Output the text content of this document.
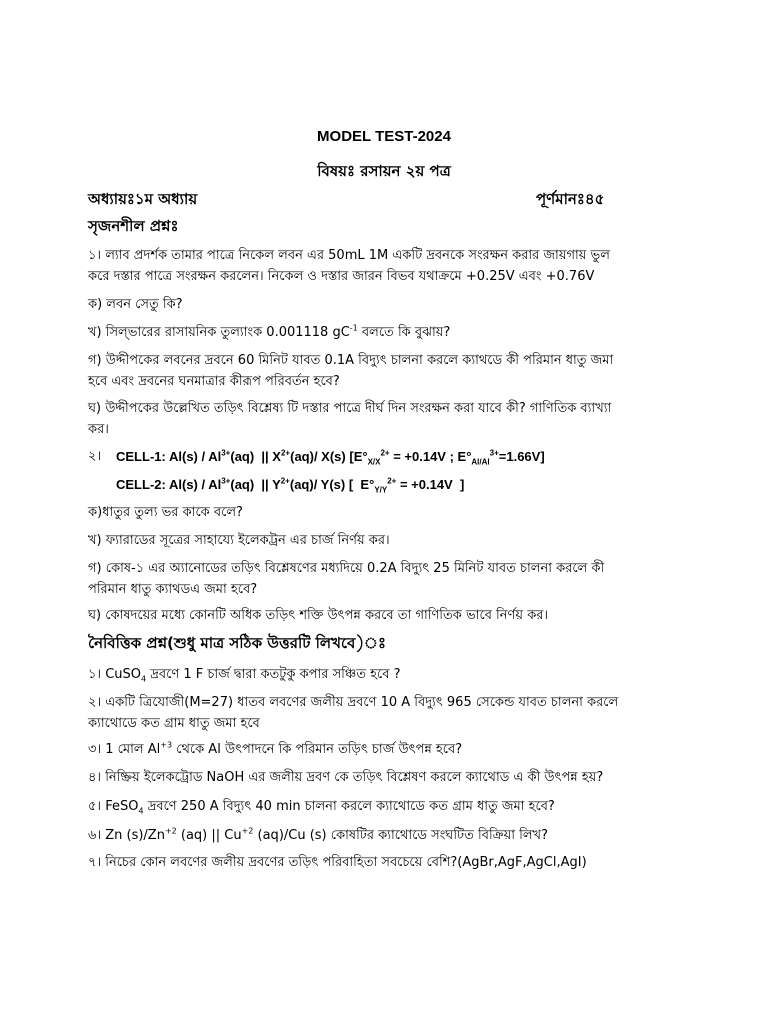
MODEL TEST-2024
বিষয়ঃ রসায়ন ২য় পত্র
অধ্যায়ঃ১ম অধ্যায়	পূর্ণমানঃ৪৫
সৃজনশীল প্রশ্নঃ
১। ল্যাব প্রদর্শক তামার পাত্রে নিকেল লবন এর 50mL 1M একটি দ্রবনকে সংরক্ষন করার জায়গায় ভুল
করে দস্তার পাত্রে সংরক্ষন করলেন। নিকেল ও দস্তার জারন বিভব যথাক্রমে +0.25V এবং +0.76V
ক) লবন সেতু কি?
খ) সিল্ভারের রাসায়নিক তুল্যাংক 0.001118 $gC^{-1}$ বলতে কি বুঝায়?
গ) উদ্দীপকের লবনের দ্রবনে 60 মিনিট যাবত 0.1A বিদ্যুৎ চালনা করলে ক্যাথডে কী পরিমান ধাতু জমা
হবে এবং দ্রবনের ঘনমাত্রার কীরূপ পরিবর্তন হবে?
ঘ) উদ্দীপকের উল্লেখিত তড়িৎ বিশ্লেষ্য টি দস্তার পাত্রে দীর্ঘ দিন সংরক্ষন করা যাবে কী? গাণিতিক ব্যাখ্যা
কর।
২।	CELL-1: $Al(s) / Al^{3+}(aq)$  || $X^{2+}(aq)/$ X(s) [$E^\circ_{X/X}^{2+} = +0.14V$ ; $E^\circ_{Al/Al}^{3+}=1.66V$]
CELL-2: $Al(s) / Al^{3+}(aq)$  || $Y^{2+}(aq)/$ Y(s) [  $E^\circ_{Y/Y}^{2+} = +0.14V$  ]
ক)ধাতুর তুল্য ভর কাকে বলে?
খ) ফ্যারাডের সূত্রের সাহায্যে ইলেকট্রন এর চার্জ নির্ণয় কর।
গ) কোষ-১ এর অ্যানোডের তড়িৎ বিশ্লেষণের মধ্যদিয়ে 0.2A বিদ্যুৎ 25 মিনিট যাবত চালনা করলে কী
পরিমান ধাতু ক্যাথডএ জমা হবে?
ঘ) কোষদয়ের মধ্যে কোনটি অধিক তড়িৎ শক্তি উৎপন্ন করবে তা গাণিতিক ভাবে নির্ণয় কর।
নৈবিত্তিক প্রশ্ন(শুধু মাত্র সঠিক উত্তরটি লিখবে)ঃ
১। CuSO$_4$ দ্রবণে 1 F চার্জ দ্বারা কতটুকু কপার সঞ্চিত হবে ?
২। একটি ত্রিযোজী(M=27) ধাতব লবণের জলীয় দ্রবণে 10 A বিদ্যুৎ 965 সেকেন্ড যাবত চালনা করলে
ক্যাথোডে কত গ্রাম ধাতু জমা হবে
৩। 1 মোল $Al^{+3}$ থেকে Al উৎপাদনে কি পরিমান তড়িৎ চার্জ উৎপন্ন হবে?
৪। নিষ্ক্রিয় ইলেকট্রোড NaOH এর জলীয় দ্রবণ কে তড়িৎ বিশ্লেষণ করলে ক্যাথোড এ কী উৎপন্ন হয়?
৫। FeSO$_4$ দ্রবণে 250 A বিদ্যুৎ 40 min চালনা করলে ক্যাথোডে কত গ্রাম ধাতু জমা হবে?
৬। Zn $(s)/Zn^{+2}$ (aq) || $Cu^{+2}$ (aq)/Cu (s) কোষটির ক্যাথোডে সংঘটিত বিক্রিয়া লিখ?
৭। নিচের কোন লবণের জলীয় দ্রবণের তড়িৎ পরিবাহিতা সবচেয়ে বেশি?(AgBr,AgF,AgCl,AgI)
